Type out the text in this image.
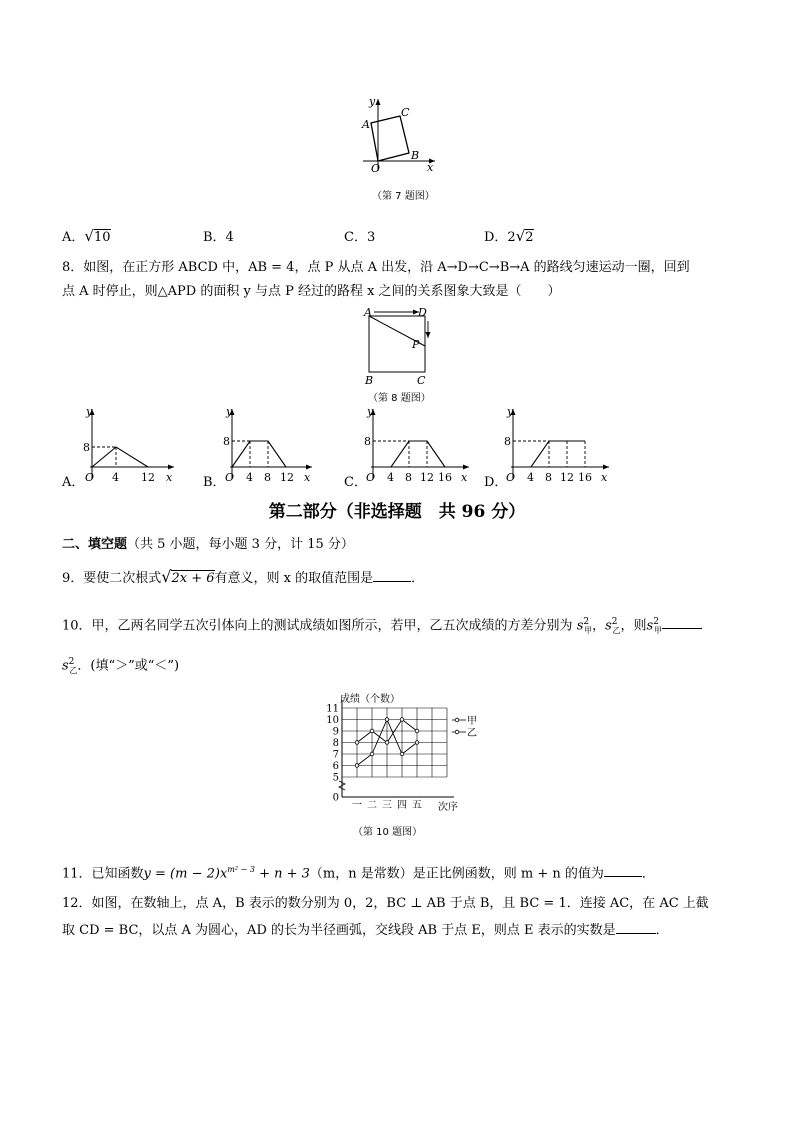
y
x
A
C
B
O
（第 7 题图）
A．√10	B．4	C．3	D．2√2
8．如图，在正方形 ABCD 中，AB = 4，点 P 从点 A 出发，沿 A→D→C→B→A 的路线匀速运动一圈，回到
点 A 时停止，则△APD 的面积 y 与点 P 经过的路程 x 之间的关系图象大致是（　　）
A	D
P
B	C
（第 8 题图）
A．
y
x
O
8
4 12	B．
y
x
O
8
4 8 12	C．
y
x
O
8
4 8 12 16 D．
y
x
O
8
4 8 12 16
第二部分（非选择题　共 96 分）
二、填空题（共 5 小题，每小题 3 分，计 15 分）
9．要使二次根式√2x + 6有意义，则 x 的取值范围是	．
10．甲，乙两名同学五次引体向上的测试成绩如图所示，若甲，乙五次成绩的方差分别为 $s^2_甲$，$s^2_乙$，则$s^2_甲$
$s^2_乙$．(填“＞”或“＜”)
成绩（个数）
次序
0
5
6
7
8
9
10
11
一 二 三 四 五
甲
乙
（第 10 题图）
11．已知函数$y = (m - 2)x^{m^2 - 3} + n + 3(m$，n 是常数）是正比例函数，则 m + n 的值为	．
12．如图，在数轴上，点 A，B 表示的数分别为 0，2，BC ⊥ AB 于点 B，且 BC = 1．连接 AC，在 AC 上截
取 CD = BC，以点 A 为圆心，AD 的长为半径画弧，交线段 AB 于点 E，则点 E 表示的实数是	．
